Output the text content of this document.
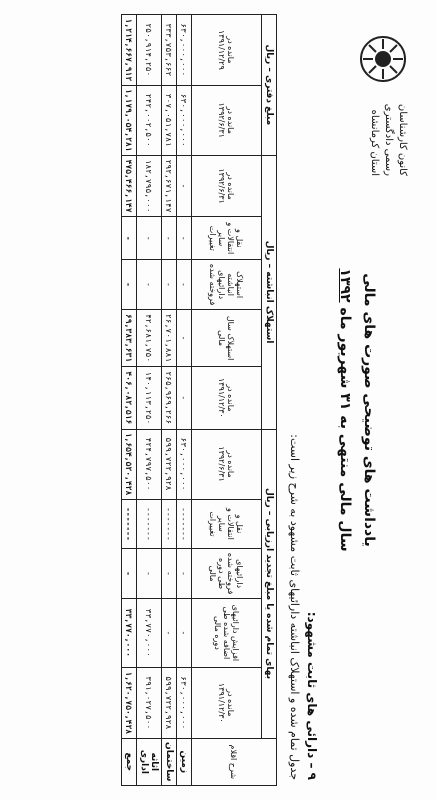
کانون کارشناسان رسمی دادگستری
استان کرمانشاه
یادداشت های توضیحی صورت های مالی
سال مالی منتهی به ۳۱ شهریور ماه ۱۳۹۲
۹ – دارائی های ثابت مشهود:
جدول تمام شده و استهلاک انباشته دارائیهای ثابت مشهود به شرح زیر است:
شرح اقلام	بهای تمام شده یا مبلغ تجدید ارزیابی – ریال					استهلاک انباشته – ریال					مبلغ دفتری – ریال	
	مانده در ۱۳۹۱/۱۲/۳۰	افزایش دارائیهای اضافه شده طی دوره مالی	دارائیهای فروخته شده طی دوره مالی	نقل و انتقالات و سایر تغییرات	مانده در ۱۳۹۲/۶/۳۱	مانده در ۱۳۹۱/۱۲/۳۰	استهلاک سال مالی	استهلاک انباشته دارائیهای فروخته شده	نقل و انتقالات و سایر تغییرات	مانده در ۱۳۹۲/۶/۳۱	مانده در ۱۳۹۲/۶/۳۱	مانده در ۱۳۹۱/۱۲/۲۹
زمین	۶۳۰,۰۰۰,۰۰۰	-	-	-------	۶۳۰,۰۰۰,۰۰۰	-	-	-	-	-	۶۳۰,۰۰۰,۰۰۰	۶۳۰,۰۰۰,۰۰۰
ساختمان	۵۹۹,۷۲۲,۹۲۸	-	-	-------	۵۹۹,۷۲۲,۹۲۸	۲۶۵,۹۶۹,۲۶۶	۲۶,۷۰۱,۸۸۱	-	-	۲۹۲,۶۷۱,۱۴۷	۳۰۷,۰۵۱,۷۸۱	۳۳۳,۷۵۳,۶۶۲
اثاثه اداری	۳۹۱,۰۲۷,۵۰۰	۳۳,۷۷۰,۰۰۰	-	-------	۴۲۴,۷۹۷,۵۰۰	۱۴۰,۱۱۳,۲۵۰	۴۲,۶۸۱,۷۵۰	-	-	۱۸۲,۷۹۵,۰۰۰	۲۴۲,۰۰۲,۵۰۰	۲۵۰,۹۱۴,۲۵۰
جمع	۱,۶۲۰,۷۵۰,۴۲۸	۳۳,۷۷۰,۰۰۰	-	-------	۱,۶۵۴,۵۲۰,۴۲۸	۴۰۶,۰۸۲,۵۱۶	۶۹,۳۸۳,۶۳۱	-	-	۴۷۵,۴۶۶,۱۴۷	۱,۱۷۹,۰۵۴,۲۸۱	۱,۲۱۴,۶۶۷,۹۱۲
